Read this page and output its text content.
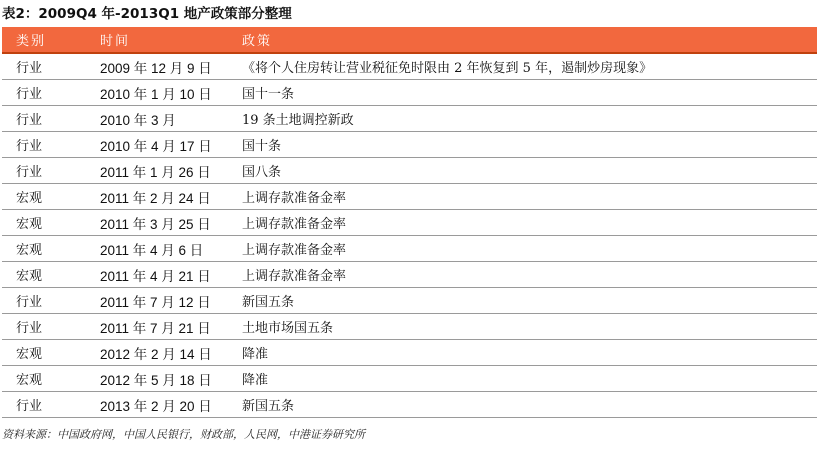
表2：2009Q4 年-2013Q1 地产政策部分整理
类别	时间	政策
行业	2009 年 12 月 9 日	《将个人住房转让营业税征免时限由 2 年恢复到 5 年，遏制炒房现象》
行业	2010 年 1 月 10 日	国十一条
行业	2010 年 3 月	19 条土地调控新政
行业	2010 年 4 月 17 日	国十条
行业	2011 年 1 月 26 日	国八条
宏观	2011 年 2 月 24 日	上调存款准备金率
宏观	2011 年 3 月 25 日	上调存款准备金率
宏观	2011 年 4 月 6 日	上调存款准备金率
宏观	2011 年 4 月 21 日	上调存款准备金率
行业	2011 年 7 月 12 日	新国五条
行业	2011 年 7 月 21 日	土地市场国五条
宏观	2012 年 2 月 14 日	降准
宏观	2012 年 5 月 18 日	降准
行业	2013 年 2 月 20 日	新国五条
资料来源：中国政府网，中国人民银行，财政部，人民网，中港证券研究所
